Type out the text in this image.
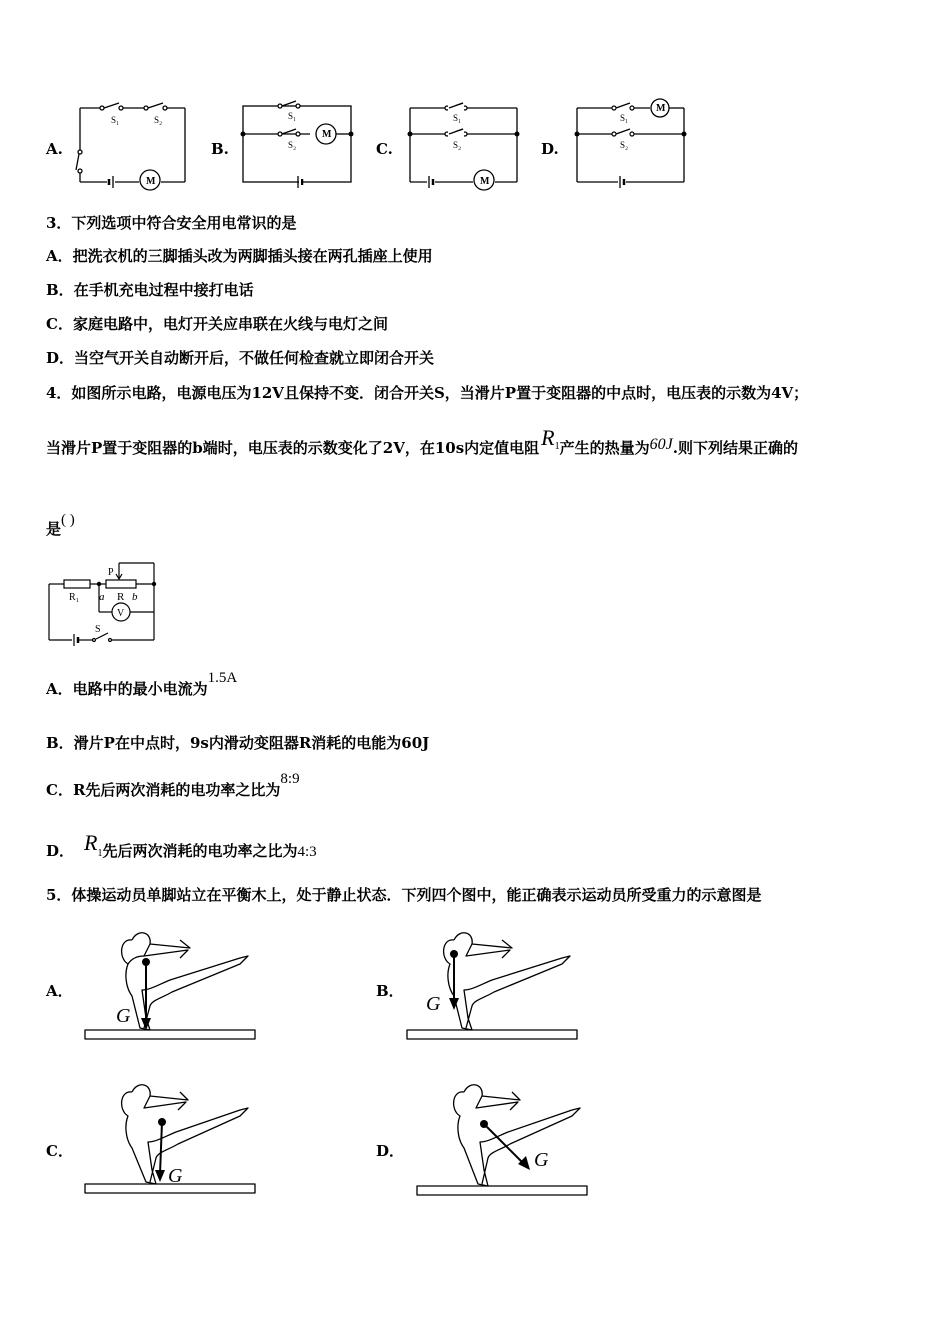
A.
S₁	S₂
M
B.
S₁
S₂
M
C.
S₁
S₂
M
D.
S₁
S₂
M
3．下列选项中符合安全用电常识的是
A．把洗衣机的三脚插头改为两脚插头接在两孔插座上使用
B．在手机充电过程中接打电话
C．家庭电路中，电灯开关应串联在火线与电灯之间
D．当空气开关自动断开后，不做任何检查就立即闭合开关
4．如图所示电路，电源电压为12V且保持不变．闭合开关S，当滑片P置于变阻器的中点时，电压表的示数为4V；
当滑片P置于变阻器的b端时，电压表的示数变化了2V，在10s内定值电阻$R^1$产生的热量为60J.则下列结果正确的
是( )
P
R₁ a R b
V
S
A．电路中的最小电流为1.5A
B．滑片P在中点时，9s内滑动变阻器R消耗的电能为60J
C．R先后两次消耗的电功率之比为8:9
D． R1先后两次消耗的电功率之比为4:3
5．体操运动员单脚站立在平衡木上，处于静止状态．下列四个图中，能正确表示运动员所受重力的示意图是
A．
G
B．
G
C．
G
D．	G
